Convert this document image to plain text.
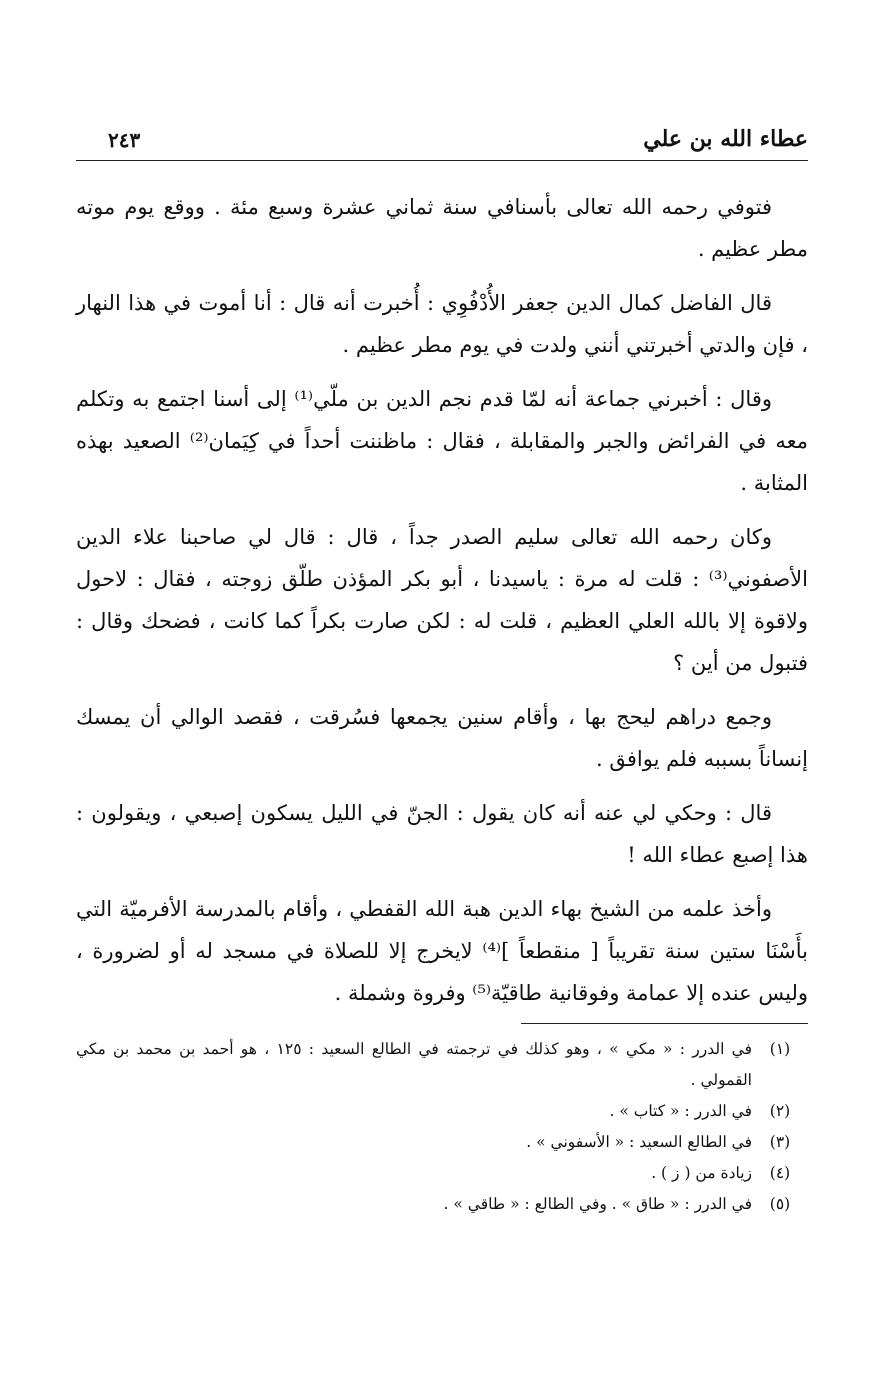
عطاء الله بن علي
٢٤٣

فتوفي رحمه الله تعالى بأسنافي سنة ثماني عشرة وسبع مئة . ووقع يوم موته مطر عظيم .

قال الفاضل كمال الدين جعفر الأُدْفُوِي : أُخبرت أنه قال : أنا أموت في هذا النهار ، فإن والدتي أخبرتني أنني ولدت في يوم مطر عظيم .

وقال : أخبرني جماعة أنه لمّا قدم نجم الدين بن ملّي⁽¹⁾ إلى أسنا اجتمع به وتكلم معه في الفرائض والجبر والمقابلة ، فقال : ماظننت أحداً في كِيَمان⁽²⁾ الصعيد بهذه المثابة .

وكان رحمه الله تعالى سليم الصدر جداً ، قال : قال لي صاحبنا علاء الدين الأصفوني⁽³⁾ : قلت له مرة : ياسيدنا ، أبو بكر المؤذن طلّق زوجته ، فقال : لاحول ولاقوة إلا بالله العلي العظيم ، قلت له : لكن صارت بكراً كما كانت ، فضحك وقال : فتبول من أين ؟

وجمع دراهم ليحج بها ، وأقام سنين يجمعها فسُرقت ، فقصد الوالي أن يمسك إنساناً بسببه فلم يوافق .

قال : وحكي لي عنه أنه كان يقول : الجنّ في الليل يسكون إصبعي ، ويقولون : هذا إصبع عطاء الله !

وأخذ علمه من الشيخ بهاء الدين هبة الله القفطي ، وأقام بالمدرسة الأفرميّة التي بأَسْنَا ستين سنة تقريباً [ منقطعاً ]⁽⁴⁾ لايخرج إلا للصلاة في مسجد له أو لضرورة ، وليس عنده إلا عمامة وفوقانية طاقيّة⁽⁵⁾ وفروة وشملة .

(١)
في الدرر : « مكي » ، وهو كذلك في ترجمته في الطالع السعيد : ١٢٥ ، هو أحمد بن محمد بن مكي القمولي .
(٢)
في الدرر : « كتاب » .
(٣)
في الطالع السعيد : « الأسفوني » .
(٤)
زيادة من ( ز ) .
(٥)
في الدرر : « طاق » . وفي الطالع : « طاقي » .
